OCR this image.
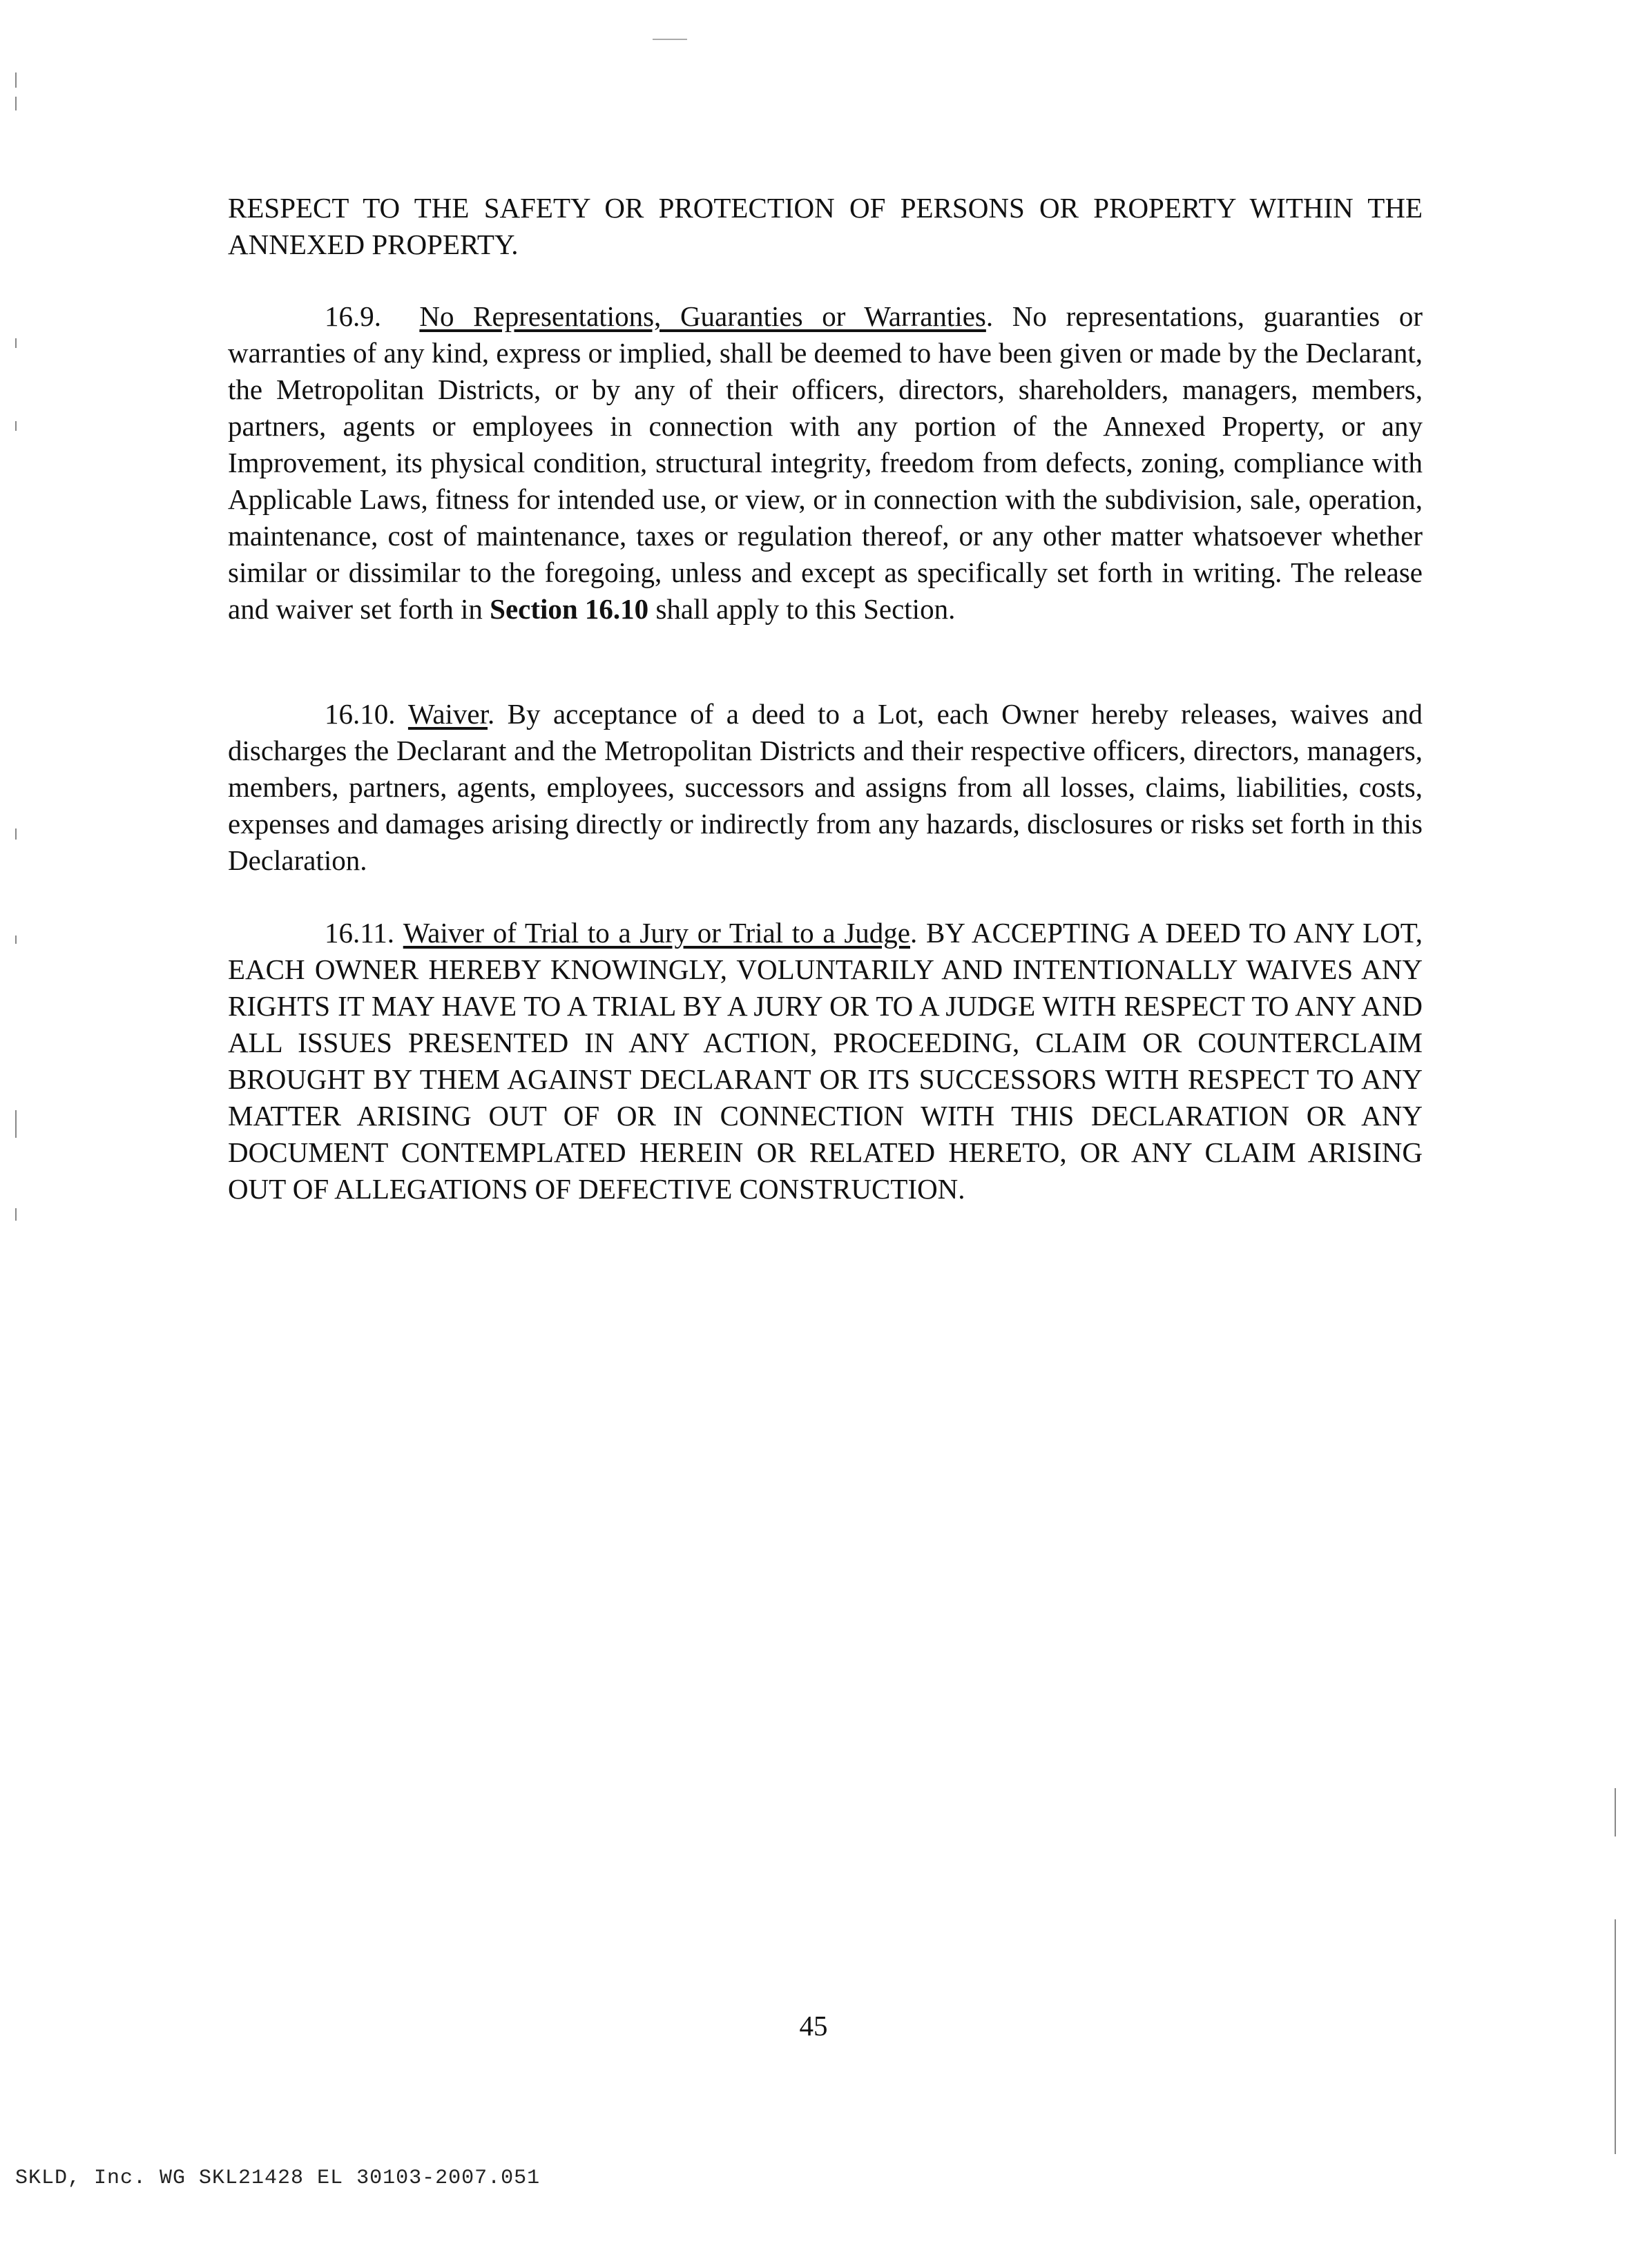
RESPECT TO THE SAFETY OR PROTECTION OF PERSONS OR PROPERTY WITHIN THE ANNEXED PROPERTY.
16.9. No Representations, Guaranties or Warranties. No representations, guaranties or warranties of any kind, express or implied, shall be deemed to have been given or made by the Declarant, the Metropolitan Districts, or by any of their officers, directors, shareholders, managers, members, partners, agents or employees in connection with any portion of the Annexed Property, or any Improvement, its physical condition, structural integrity, freedom from defects, zoning, compliance with Applicable Laws, fitness for intended use, or view, or in connection with the subdivision, sale, operation, maintenance, cost of maintenance, taxes or regulation thereof, or any other matter whatsoever whether similar or dissimilar to the foregoing, unless and except as specifically set forth in writing. The release and waiver set forth in Section 16.10 shall apply to this Section.
16.10. Waiver. By acceptance of a deed to a Lot, each Owner hereby releases, waives and discharges the Declarant and the Metropolitan Districts and their respective officers, directors, managers, members, partners, agents, employees, successors and assigns from all losses, claims, liabilities, costs, expenses and damages arising directly or indirectly from any hazards, disclosures or risks set forth in this Declaration.
16.11. Waiver of Trial to a Jury or Trial to a Judge. BY ACCEPTING A DEED TO ANY LOT, EACH OWNER HEREBY KNOWINGLY, VOLUNTARILY AND INTENTIONALLY WAIVES ANY RIGHTS IT MAY HAVE TO A TRIAL BY A JURY OR TO A JUDGE WITH RESPECT TO ANY AND ALL ISSUES PRESENTED IN ANY ACTION, PROCEEDING, CLAIM OR COUNTERCLAIM BROUGHT BY THEM AGAINST DECLARANT OR ITS SUCCESSORS WITH RESPECT TO ANY MATTER ARISING OUT OF OR IN CONNECTION WITH THIS DECLARATION OR ANY DOCUMENT CONTEMPLATED HEREIN OR RELATED HERETO, OR ANY CLAIM ARISING OUT OF ALLEGATIONS OF DEFECTIVE CONSTRUCTION.
45
SKLD, Inc. WG SKL21428 EL 30103-2007.051
